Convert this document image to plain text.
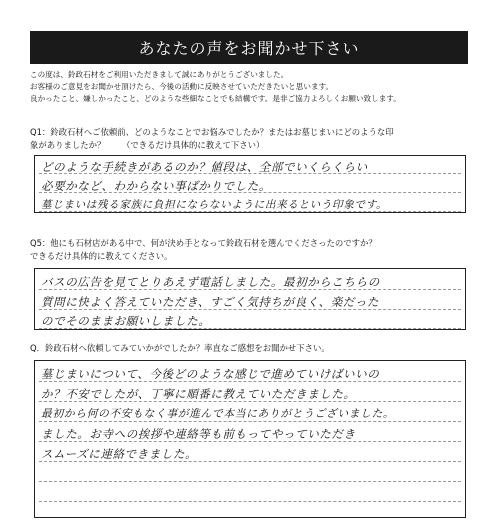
あなたの声をお聞かせ下さい
この度は、鈴政石材をご利用いただきまして誠にありがとうございました。
お客様のご意見をお聞かせ頂けたら、今後の活動に反映させていただきたいと思います。
良かったこと、嫌しかったこと、どのような些細なことでも結構です。是非ご協力よろしくお願い致します。
Q1：鈴政石材へご依頼前、どのようなことでお悩みでしたか？またはお墓じまいにどのような印
象がありましたか？ （できるだけ具体的に教えて下さい）
どのような手続きがあるのか？値段は、全部でいくらくらい
必要かなど、わからない事ばかりでした。
墓じまいは残る家族に負担にならないように出来るという印象です。
Q5：他にも石材店がある中で、何が決め手となって鈴政石材を選んでくださったのですか？
できるだけ具体的に教えてください。
バスの広告を見てとりあえず電話しました。最初からこちらの
質問に快よく答えていただき、すごく気持ちが良く、楽だった
のでそのままお願いしました。
Q．鈴政石材へ依頼してみていかがでしたか？率直なご感想をお聞かせ下さい。
墓じまいについて、今後どのような感じで進めていけばいいの
か？不安でしたが、丁寧に順番に教えていただきました。
最初から何の不安もなく事が進んで本当にありがとうございました。
ました。お寺への挨拶や連絡等も前もってやっていただき
スムーズに連絡できました。
